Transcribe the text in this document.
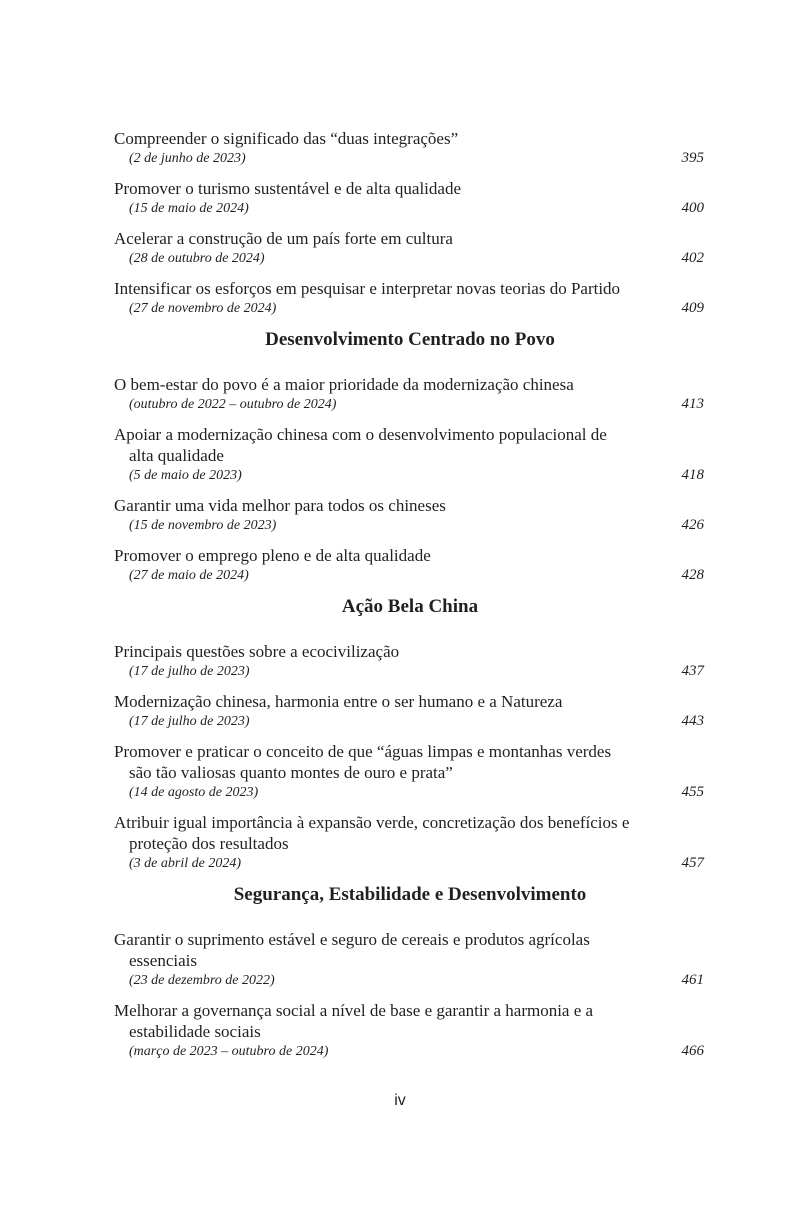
Compreender o significado das “duas integrações”
(2 de junho de 2023)	395
Promover o turismo sustentável e de alta qualidade
(15 de maio de 2024)	400
Acelerar a construção de um país forte em cultura
(28 de outubro de 2024)	402
Intensificar os esforços em pesquisar e interpretar novas teorias do Partido
(27 de novembro de 2024)	409
Desenvolvimento Centrado no Povo
O bem-estar do povo é a maior prioridade da modernização chinesa
(outubro de 2022 – outubro de 2024)	413
Apoiar a modernização chinesa com o desenvolvimento populacional de
alta qualidade
(5 de maio de 2023)	418
Garantir uma vida melhor para todos os chineses
(15 de novembro de 2023)	426
Promover o emprego pleno e de alta qualidade
(27 de maio de 2024)	428
Ação Bela China
Principais questões sobre a ecocivilização
(17 de julho de 2023)	437
Modernização chinesa, harmonia entre o ser humano e a Natureza
(17 de julho de 2023)	443
Promover e praticar o conceito de que “águas limpas e montanhas verdes
são tão valiosas quanto montes de ouro e prata”
(14 de agosto de 2023)	455
Atribuir igual importância à expansão verde, concretização dos benefícios e
proteção dos resultados
(3 de abril de 2024)	457
Segurança, Estabilidade e Desenvolvimento
Garantir o suprimento estável e seguro de cereais e produtos agrícolas
essenciais
(23 de dezembro de 2022)	461
Melhorar a governança social a nível de base e garantir a harmonia e a
estabilidade sociais
(março de 2023 – outubro de 2024)	466
iv
